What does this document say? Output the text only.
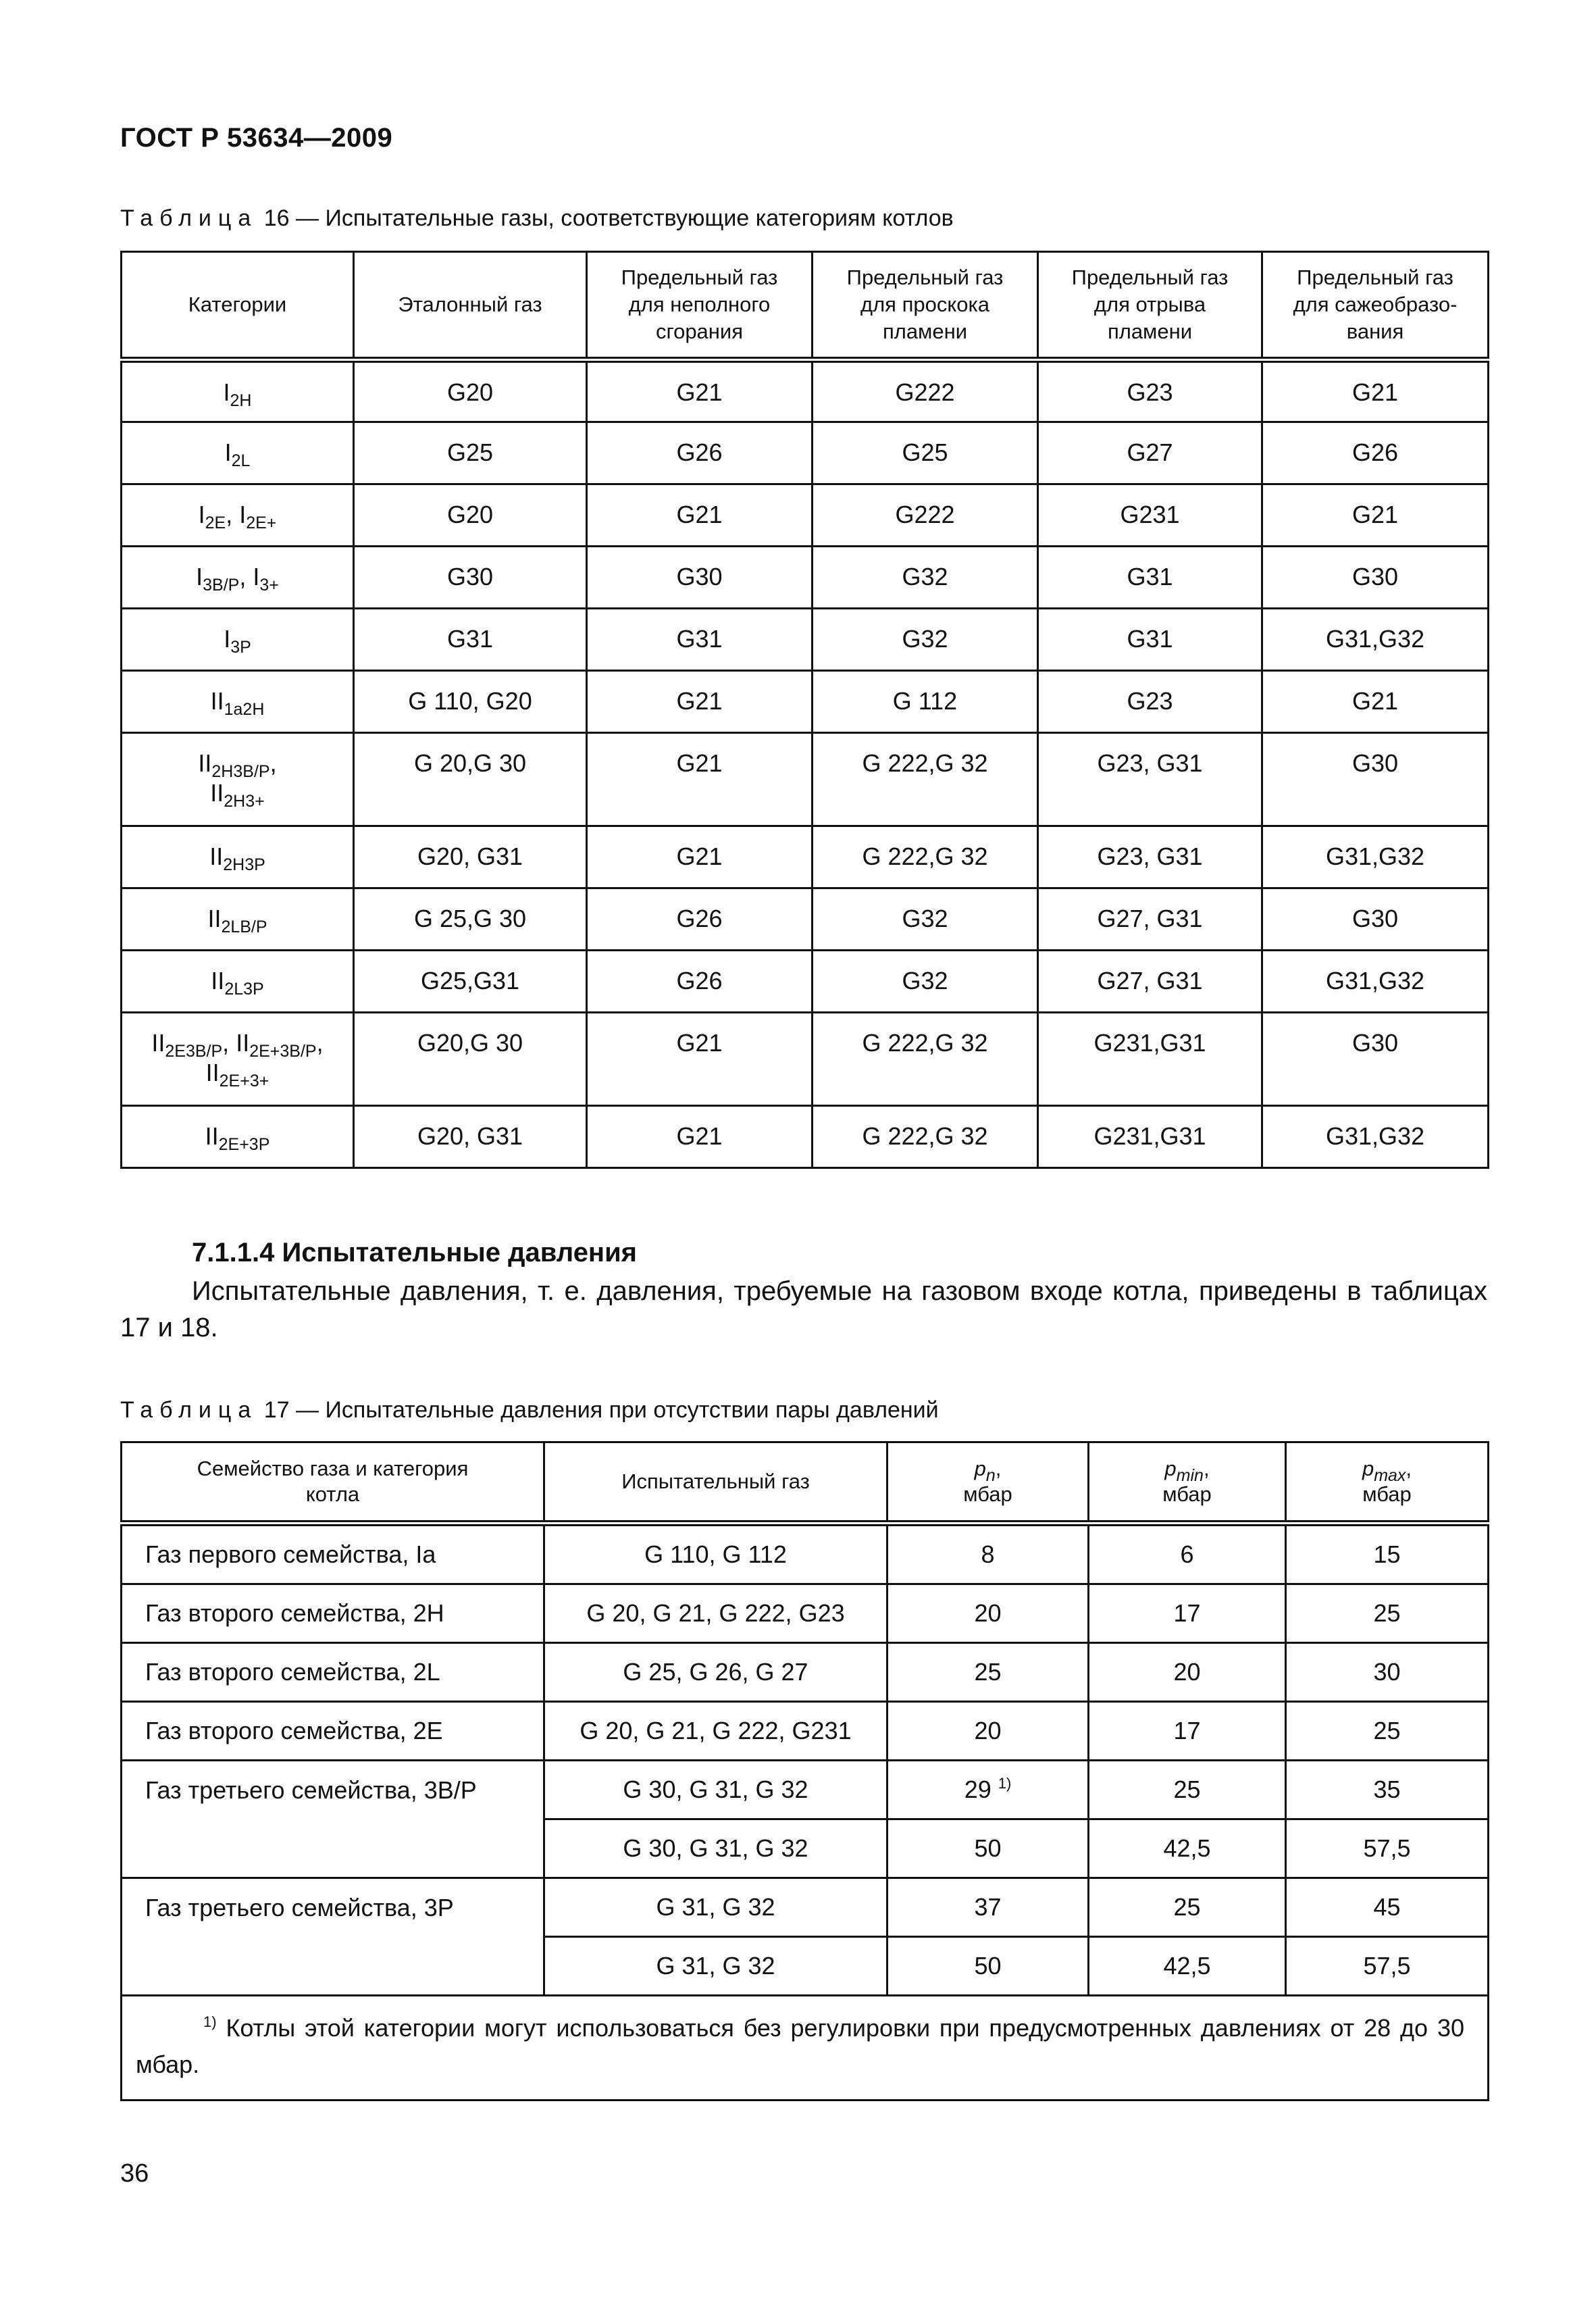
ГОСТ Р 53634—2009
Таблица 16 — Испытательные газы, соответствующие категориям котлов
Категории	Эталонный газ	Предельный газ
для неполного
сгорания	Предельный газ
для проскока
пламени	Предельный газ
для отрыва
пламени	Предельный газ
для сажеобразо-
вания
$I_{2H}$	G20	G21	G222	G23	G21
$I_{2L}$	G25	G26	G25	G27	G26
$I_{2E}$, $I_{2E+}$	G20	G21	G222	G231	G21
$I_{3B/P}$, $I_{3+}$	G30	G30	G32	G31	G30
$I_{3P}$	G31	G31	G32	G31	G31,G32
$II_{1a2H}$	G 110, G20	G21	G 112	G23	G21
$II_{2H3B/P}$,
$II_{2H3+}$	G 20,G 30	G21	G 222,G 32	G23, G31	G30
$II_{2H3P}$	G20, G31	G21	G 222,G 32	G23, G31	G31,G32
$II_{2LB/P}$	G 25,G 30	G26	G32	G27, G31	G30
$II_{2L3P}$	G25,G31	G26	G32	G27, G31	G31,G32
$II_{2E3B/P}$, $II_{2E+3B/P}$,
$II_{2E+3+}$	G20,G 30	G21	G 222,G 32	G231,G31	G30
$II_{2E+3P}$	G20, G31	G21	G 222,G 32	G231,G31	G31,G32
7.1.1.4 Испытательные давления
Испытательные давления, т. е. давления, требуемые на газовом входе котла, приведены в таблицах 17 и 18.
Таблица 17 — Испытательные давления при отсутствии пары давлений
Семейство газа и категория
котла	Испытательный газ	$p_n$,
мбар	$p_{min}$,
мбар	$p_{max}$,
мбар
Газ первого семейства, Ia	G 110, G 112	8	6	15
Газ второго семейства, 2H	G 20, G 21, G 222, G23	20	17	25
Газ второго семейства, 2L	G 25, G 26, G 27	25	20	30
Газ второго семейства, 2E	G 20, G 21, G 222, G231	20	17	25
Газ третьего семейства, 3B/P	G 30, G 31, G 32	29 $^{1)}$	25	35
	G 30, G 31, G 32	50	42,5	57,5
Газ третьего семейства, 3P	G 31, G 32	37	25	45
	G 31, G 32	50	42,5	57,5
$^{1)}$ Котлы этой категории могут использоваться без регулировки при предусмотренных давлениях от 28 до 30 мбар.				
36
